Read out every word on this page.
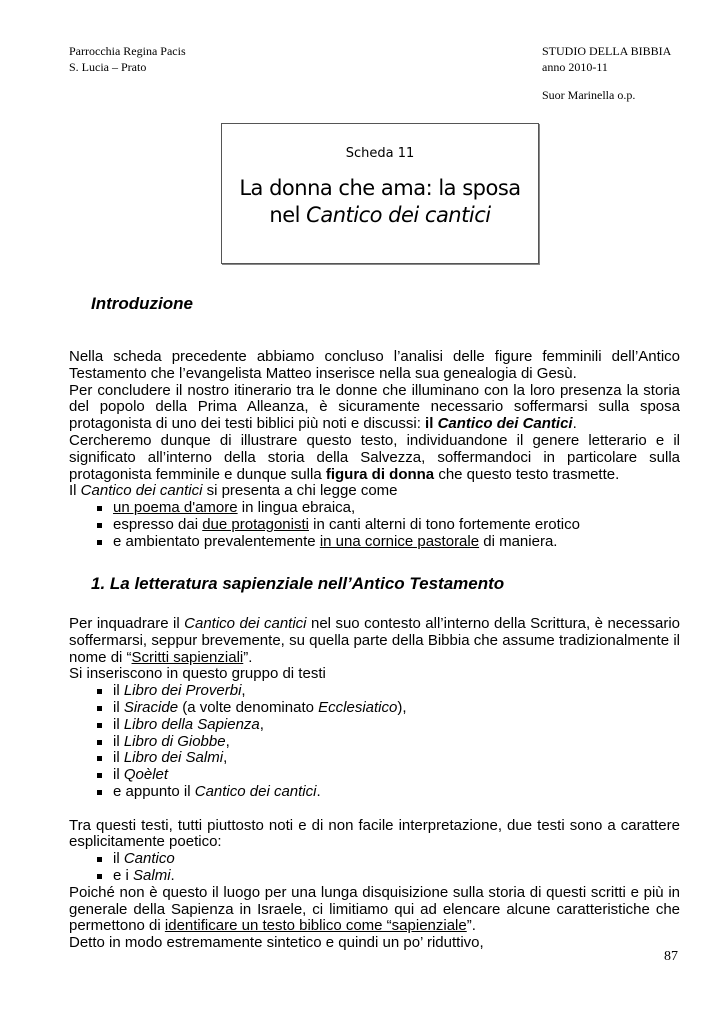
Parrocchia Regina Pacis
S. Lucia – Prato
STUDIO DELLA BIBBIA
anno 2010-11
Suor Marinella o.p.
Scheda 11
La donna che ama: la sposa
nel Cantico dei cantici
Introduzione
Nella scheda precedente abbiamo concluso l’analisi delle figure femminili dell’Antico Testamento che l’evangelista Matteo inserisce nella sua genealogia di Gesù.
Per concludere il nostro itinerario tra le donne che illuminano con la loro presenza la storia del popolo della Prima Alleanza, è sicuramente necessario soffermarsi sulla sposa protagonista di uno dei testi biblici più noti e discussi: il Cantico dei Cantici.
Cercheremo dunque di illustrare questo testo, individuandone il genere letterario e il significato all’interno della storia della Salvezza, soffermandoci in particolare sulla protagonista femminile e dunque sulla figura di donna che questo testo trasmette.
Il Cantico dei cantici si presenta a chi legge come
un poema d'amore in lingua ebraica,
espresso dai due protagonisti in canti alterni di tono fortemente erotico
e ambientato prevalentemente in una cornice pastorale di maniera.
1. La letteratura sapienziale nell’Antico Testamento
Per inquadrare il Cantico dei cantici nel suo contesto all’interno della Scrittura, è necessario soffermarsi, seppur brevemente, su quella parte della Bibbia che assume tradizionalmente il nome di “Scritti sapienziali”.
Si inseriscono in questo gruppo di testi
il Libro dei Proverbi,
il Siracide (a volte denominato Ecclesiatico),
il Libro della Sapienza,
il Libro di Giobbe,
il Libro dei Salmi,
il Qoèlet
e appunto il Cantico dei cantici.
Tra questi testi, tutti piuttosto noti e di non facile interpretazione, due testi sono a carattere esplicitamente poetico:
il Cantico
e i Salmi.
Poiché non è questo il luogo per una lunga disquisizione sulla storia di questi scritti e più in generale della Sapienza in Israele, ci limitiamo qui ad elencare alcune caratteristiche che permettono di identificare un testo biblico come “sapienziale”.
Detto in modo estremamente sintetico e quindi un po’ riduttivo,
87
